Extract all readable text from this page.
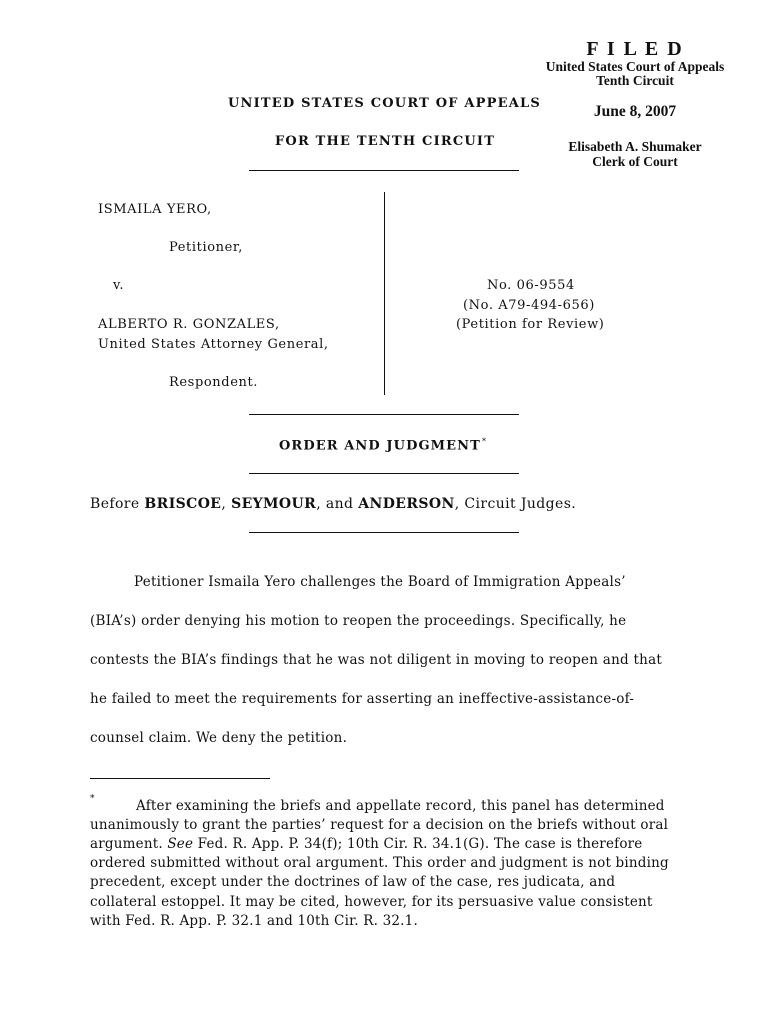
F I L E D
United States Court of Appeals
Tenth Circuit
June 8, 2007
Elisabeth A. Shumaker
Clerk of Court
UNITED STATES COURT OF APPEALS
FOR THE TENTH CIRCUIT
ISMAILA YERO,
Petitioner,
v.
ALBERTO R. GONZALES,
United States Attorney General,
Respondent.
No. 06-9554
(No. A79-494-656)
(Petition for Review)
ORDER AND JUDGMENT*
Before BRISCOE, SEYMOUR, and ANDERSON, Circuit Judges.
Petitioner Ismaila Yero challenges the Board of Immigration Appeals’
(BIA’s) order denying his motion to reopen the proceedings. Specifically, he
contests the BIA’s findings that he was not diligent in moving to reopen and that
he failed to meet the requirements for asserting an ineffective-assistance-of-
counsel claim. We deny the petition.
*	After examining the briefs and appellate record, this panel has determined
unanimously to grant the parties’ request for a decision on the briefs without oral
argument. See Fed. R. App. P. 34(f); 10th Cir. R. 34.1(G). The case is therefore
ordered submitted without oral argument. This order and judgment is not binding
precedent, except under the doctrines of law of the case, res judicata, and
collateral estoppel. It may be cited, however, for its persuasive value consistent
with Fed. R. App. P. 32.1 and 10th Cir. R. 32.1.
